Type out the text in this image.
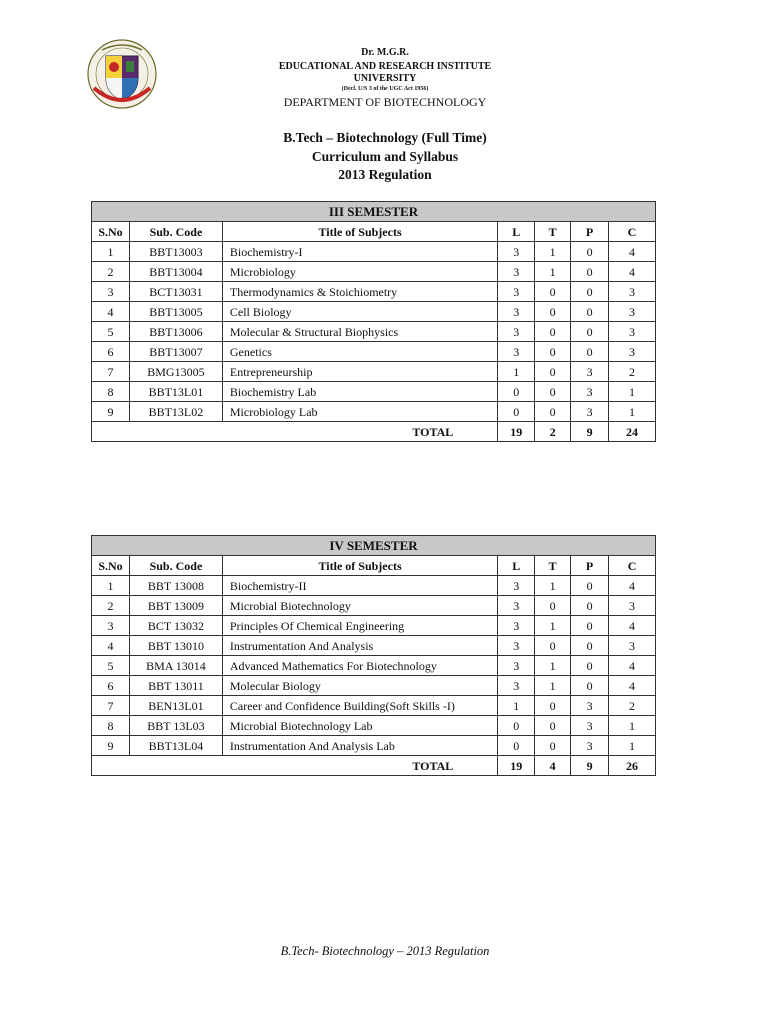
Dr. M.G.R.
EDUCATIONAL AND RESEARCH INSTITUTE
UNIVERSITY
(Decl. U/S 3 of the UGC Act 1956)
DEPARTMENT OF BIOTECHNOLOGY
B.Tech – Biotechnology (Full Time)
Curriculum and Syllabus
2013 Regulation
III SEMESTER						
S.No	Sub. Code	Title of Subjects	L	T	P	C
1	BBT13003	Biochemistry-I	3	1	0	4
2	BBT13004	Microbiology	3	1	0	4
3	BCT13031	Thermodynamics & Stoichiometry	3	0	0	3
4	BBT13005	Cell Biology	3	0	0	3
5	BBT13006	Molecular & Structural Biophysics	3	0	0	3
6	BBT13007	Genetics	3	0	0	3
7	BMG13005	Entrepreneurship	1	0	3	2
8	BBT13L01	Biochemistry Lab	0	0	3	1
9	BBT13L02	Microbiology Lab	0	0	3	1
TOTAL			19	2	9	24
IV SEMESTER						
S.No	Sub. Code	Title of Subjects	L	T	P	C
1	BBT 13008	Biochemistry-II	3	1	0	4
2	BBT 13009	Microbial Biotechnology	3	0	0	3
3	BCT 13032	Principles Of Chemical Engineering	3	1	0	4
4	BBT 13010	Instrumentation And Analysis	3	0	0	3
5	BMA 13014	Advanced Mathematics For Biotechnology	3	1	0	4
6	BBT 13011	Molecular Biology	3	1	0	4
7	BEN13L01	Career and Confidence Building(Soft Skills -I)	1	0	3	2
8	BBT 13L03	Microbial Biotechnology Lab	0	0	3	1
9	BBT13L04	Instrumentation And Analysis Lab	0	0	3	1
TOTAL			19	4	9	26
B.Tech- Biotechnology – 2013 Regulation
